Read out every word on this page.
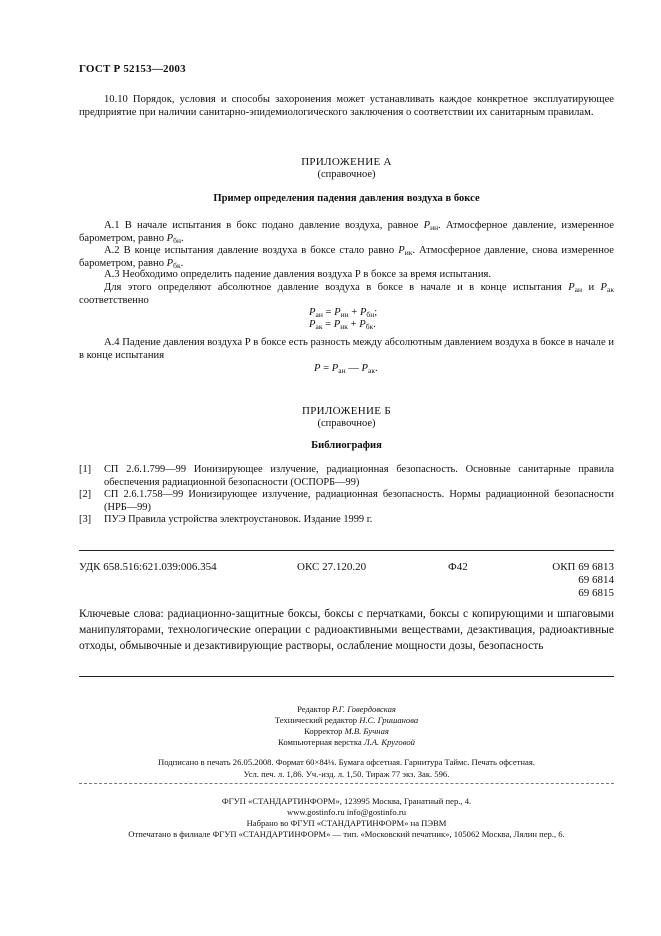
ГОСТ Р 52153—2003

10.10 Порядок, условия и способы захоронения может устанавливать каждое конкретное эксплуатирующее предприятие при наличии санитарно-эпидемиологического заключения о соответствии их санитарным правилам.

ПРИЛОЖЕНИЕ А
(справочное)
Пример определения падения давления воздуха в боксе

А.1 В начале испытания в бокс подано давление воздуха, равное $P_{ин}$. Атмосферное давление, измеренное барометром, равно $P_{бн}$.

А.2 В конце испытания давление воздуха в боксе стало равно $P_{ик}$. Атмосферное давление, снова измеренное барометром, равно $P_{бк}$.

А.3 Необходимо определить падение давления воздуха Р в боксе за время испытания.

Для этого определяют абсолютное давление воздуха в боксе в начале и в конце испытания $P_{ан}$ и $P_{ак}$ соответственно

$P_{ан} = P_{ин} + P_{бн}$;
$P_{ак} = P_{ик} + P_{бк}$.

А.4 Падение давления воздуха Р в боксе есть разность между абсолютным давлением воздуха в боксе в начале и в конце испытания

$P = P_{ан}$ — $P_{ак}$.
ПРИЛОЖЕНИЕ Б
(справочное)
Библиография
[1] СП 2.6.1.799—99 Ионизирующее излучение, радиационная безопасность. Основные санитарные правила обеспечения радиационной безопасности (ОСПОРБ—99)
[2] СП 2.6.1.758—99 Ионизирующее излучение, радиационная безопасность. Нормы радиационной безопасности (НРБ—99)
[3] ПУЭ Правила устройства электроустановок. Издание 1999 г.
УДК 658.516:621.039:006.354	ОКС 27.120.20	Ф42	ОКП 69 6813
69 6814
69 6815
Ключевые слова: радиационно-защитные боксы, боксы с перчатками, боксы с копирующими и шпаговыми манипуляторами, технологические операции с радиоактивными веществами, дезактивация, радиоактивные отходы, обмывочные и дезактивирующие растворы, ослабление мощности дозы, безопасность
Редактор Р.Г. Говердовская
Технический редактор Н.С. Гришанова
Корректор М.В. Бучная
Компьютерная верстка Л.А. Круговой
Подписано в печать 26.05.2008. Формат 60×84⅛. Бумага офсетная. Гарнитура Таймс. Печать офсетная.
Усл. печ. л. 1,86. Уч.-изд. л. 1,50. Тираж 77 экз. Зак. 596.
ФГУП «СТАНДАРТИНФОРМ», 123995 Москва, Гранатный пер., 4.
www.gostinfo.ru info@gostinfo.ru
Набрано во ФГУП «СТАНДАРТИНФОРМ» на ПЭВМ
Отпечатано в филиале ФГУП «СТАНДАРТИНФОРМ» — тип. «Московский печатник», 105062 Москва, Лялин пер., 6.
